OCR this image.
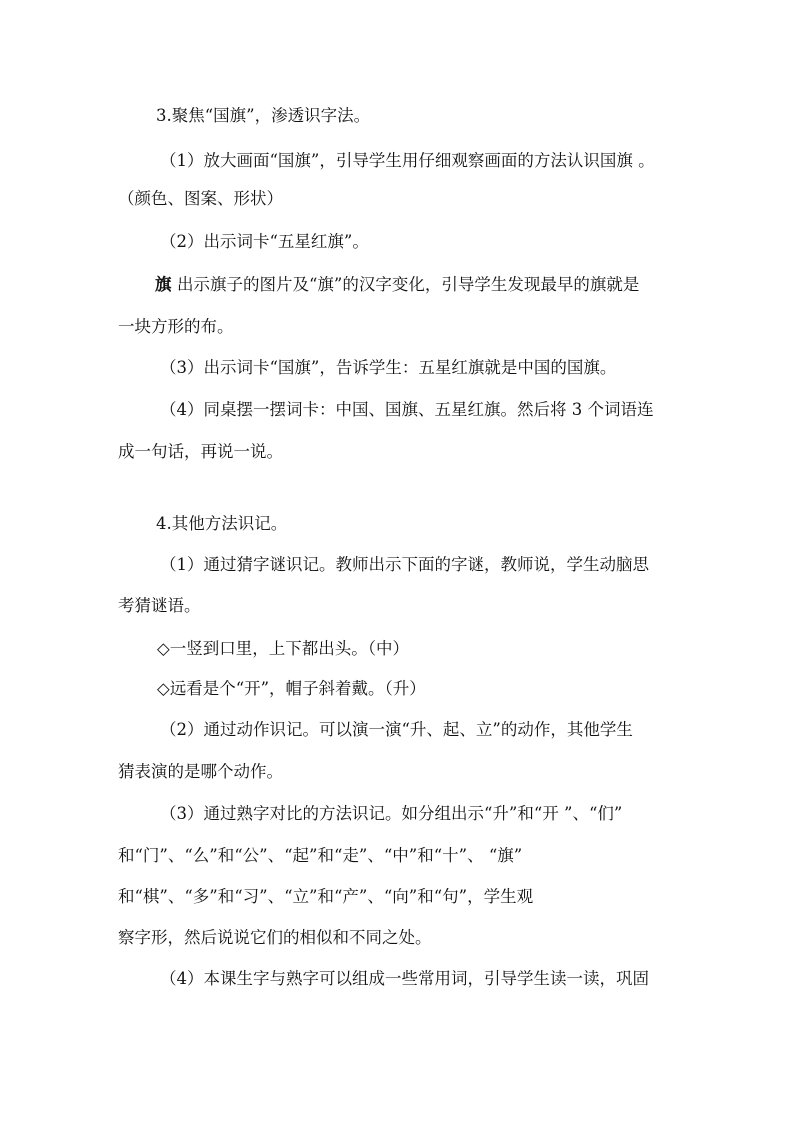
3.聚焦“国旗”，渗透识字法。
（1）放大画面“国旗”，引导学生用仔细观察画面的方法认识国旗 。
（颜色、图案、形状）
（2）出示词卡“五星红旗”。
旗 出示旗子的图片及“旗”的汉字变化，引导学生发现最早的旗就是
一块方形的布。
（3）出示词卡“国旗”，告诉学生：五星红旗就是中国的国旗。
（4）同桌摆一摆词卡：中国、国旗、五星红旗。然后将 3 个词语连
成一句话，再说一说。
4.其他方法识记。
（1）通过猜字谜识记。教师出示下面的字谜，教师说，学生动脑思
考猜谜语。
◇一竖到口里，上下都出头。（中）
◇远看是个“开”，帽子斜着戴。（升）
（2）通过动作识记。可以演一演“升、起、立”的动作，其他学生
猜表演的是哪个动作。
（3）通过熟字对比的方法识记。如分组出示“升”和“开 ”、“们”
和“门”、“么”和“公”、“起”和“走”、“中”和“十”、 “旗”
和“棋”、“多”和“习”、“立”和“产”、“向”和“句”，学生观
察字形，然后说说它们的相似和不同之处。
（4）本课生字与熟字可以组成一些常用词，引导学生读一读，巩固
